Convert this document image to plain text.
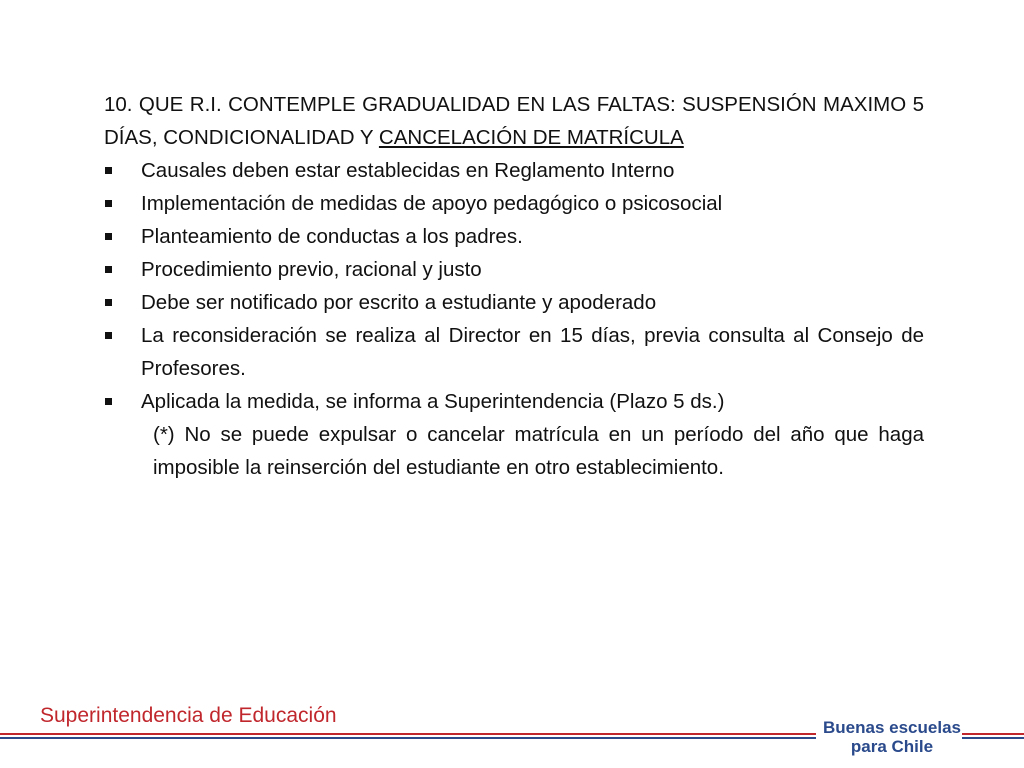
10. QUE R.I. CONTEMPLE GRADUALIDAD EN LAS FALTAS: SUSPENSIÓN MAXIMO 5 DÍAS, CONDICIONALIDAD Y CANCELACIÓN DE MATRÍCULA

Causales deben estar establecidas en Reglamento Interno
Implementación de medidas de apoyo pedagógico o psicosocial
Planteamiento de conductas a los padres.
Procedimiento previo, racional y justo
Debe ser notificado por escrito a estudiante y apoderado
La reconsideración se realiza al Director en 15 días, previa consulta al Consejo de Profesores.
Aplicada la medida, se informa a Superintendencia (Plazo 5 ds.)

(*) No se puede expulsar o cancelar matrícula en un período del año que haga imposible la reinserción del estudiante en otro establecimiento.

Superintendencia de Educación
Buenas escuelas
para Chile
